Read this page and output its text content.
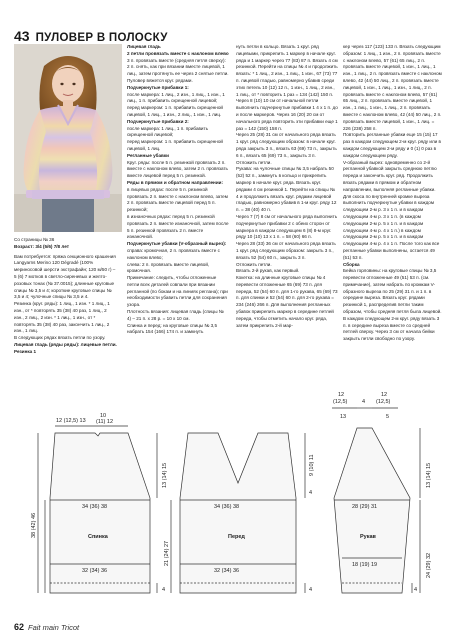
43 ПУЛОВЕР В ПОЛОСКУ

Со страницы № 36

Возраст: 3/4 (5/6) 7/8 лет

Вам потребуется: пряжа секционного крашения Langyarns Merino 120 Dégradé (100% мериносовой шерсти экстрафайн; 120 м/50 г) – 5 (6) 7 мотков в светло-сиреневых и желто-розовых тонах (№ 37.0015); длинные круговые спицы № 3,5 и 4; короткие круговые спицы № 3,5 и 4; чулочные спицы № 3,5 и 4.

Резинка (круг. ряды): 1 лиц., 1 изн. * 1 лиц., 1 изн., от * повторять 35 (38) 40 раз, 1 лиц., 2 изн., 2 лиц., 2 изн. * 1 лиц., 1 изн., от * повторять 35 (38) 40 раз, закончить 1 лиц., 2 изн., 1 лиц.

В следующих рядах вязать петли по узору.

Лицевая гладь (ряды ряды): лицевые петли.

Резинка 1

Лицевая гладь

2 петли провязать вместе с наклоном влево

3 п. провязать вместе (средняя петля сверху): 2 п. снять, как при вязании вместе лицевой, 1 лиц., затем протянуть ее через 2 снятые петли.

Пуловер вяжется круг. рядами.

Подчеркнутые прибавки 1:

после маркера: 1 лиц., 2 изн., 1 лиц., 1 изн., 1 лиц., 1 п. прибавить скрещенной лицевой;

перед маркером: 1 п. прибавить скрещенной лицевой, 1 лиц., 1 изн., 2 лиц., 1 изн., 1 лиц.

Подчеркнутые прибавки 2:

после маркера: 1 лиц., 1 п. прибавить скрещенной лицевой;

перед маркером: 1 п. прибавить скрещенной лицевой, 1 лиц.

Регланные убавки

Круг. ряды: после 5 п. резинкой провязать 2 п. вместе с наклоном влево, затем 2 п. провязать вместе лицевой перед 5 п. резинкой.

Ряды в прямом и обратном направлении:

в лицевых рядах: после 5 п. резинкой провязать 2 п. вместе с наклоном влево, затем 2 п. провязать вместе лицевой перед 5 п. резинкой;

в изнаночных рядах: перед 5 п. резинкой провязать 2 п. вместе изнаночной, затем после 5 п. резинкой провязать 2 п. вместе изнаночной.

Подчеркнутые убавки (V-образный вырез):

справа: кромочная, 2 п. провязать вместе с наклоном влево;

слева: 2 п. провязать вместе лицевой, кромочная.

Примечание: следить, чтобы отложенные петли всех деталей совпали при вязании регланной (по бокам и на линиях реглана); при необходимости убавить петли для сохранения узора.

Плотность вязания: лицевая гладь (спицы № 4) – 21 п. х 28 р. = 10 х 10 см.

Спинка и перед: на круговые спицы № 3,5 набрать 154 (166) 174 п. и замкнуть

нуть петли в кольцо. Вязать 1 круг. ряд лицевыми, прикрепить 1 маркер в начале круг. ряда и 1 маркер через 77 (83) 87 п. Вязать 4 см резинкой. Перейти на спицы № 4 и продолжить вязать: * 1 лиц., 2 изн., 1 лиц., 1 изн., 67 (73) 77 п. лицевой гладью, равномерно убавив среди этих петель 10 (12) 12 п., 1 изн., 1 лиц., 2 изн., 1 лиц., от * повторить 1 раз = 134 (142) 150 п.

Через 8 (10) 10 см от начальной петли выполнить подчеркнутые прибавки 1 4 х 1 п. до и после маркеров. Через 16 (20) 20 см от начального ряда повторить эти прибавки еще 1 раз = 142 (150) 158 п.

Через 25 (28) 31 см от начального ряда вязать 1 круг. ряд следующим образом: в начале круг. ряда закрыть 3 п., вязать 63 (69) 73 п., закрыть 6 п., вязать 65 (69) 73 п., закрыть 3 п.

Отложить петли.

Рукава: на чулочные спицы № 3,5 набрать 50 (52) 52 п., замкнуть в кольцо и прикрепить маркер в начале круг. ряда. Вязать круг. рядами 4 см резинкой 1. Перейти на спицы № 4 и продолжить вязать круг. рядами лицевой гладью, равномерно убавив в 1-м круг. ряду 12 п. = 38 (40) 40 п.

Через 7 (7) 8 см от начального ряда выполнить подчеркнутые прибавки 2 с обеих сторон от маркера в каждом следующем 6 (8) 8-м круг. ряду 10 (10) 13 х 1 п. = 58 (60) 66 п.

Через 28 (33) 36 см от начального ряда вязать 1 круг. ряд следующим образом: закрыть 3 п., вязать 52 (54) 60 п., закрыть 3 п.

Отложить петли.

Вязать 2-й рукав, как первый.

Кокетка: на длинные круговые спицы № 4 перевести отложенные 65 (69) 73 п. для переда, 52 (54) 60 п. для 1-го рукава, 65 (69) 73 п. для спинки и 52 (54) 60 п. для 2-го рукава = 234 (246) 266 п. Для выполнения регланных убавок прикрепить маркер в середине петлей переда, чтобы отметить начало круг. ряда, затем прикрепить 2-й мар-

кер через 117 (123) 133 п. Вязать следующим образом: 1 лиц., 1 изн., 2 п. провязать вместе с наклоном влево, 57 (61) 65 лиц., 2 п. провязать вместе лицевой, 1 изн., 1 лиц., 1 изн., 1 лиц., 2 п. провязать вместе с наклоном влево, 42 (44) 50 лиц., 2 п. провязать вместе лицевой, 1 изн., 1 лиц., 1 изн., 1 лиц., 2 п. провязать вместе с наклоном влево, 57 (61) 65 лиц., 2 п. провязать вместе лицевой, 1 изн., 1 лиц., 1 изн., 1 лиц., 2 п. провязать вместе с наклоном влево, 42 (44) 50 лиц., 2 п. провязать вместе лицевой, 1 изн., 1 лиц. = 226 (238) 258 п.

Повторить регланные убавки еще 15 (15) 17 раз в каждом следующем 2-м круг. ряду или в каждом следующем 2-м ряду и 0 (1) 0 раз в каждом следующем ряду.

V-образный вырез: одновременно со 2-й регланной убавкой закрыть среднюю петлю переда и закончить круг. ряд. Продолжить вязать рядами в прямом и обратном направлении, выполняя регланные убавки.

Для скоса по внутренней кромке выреза выполнить подчеркнутые убавки в каждом следующем 2-м р. 3 х 1 п. и в каждом следующем 4-м р. 3 х 1 п. (в каждом следующем 2-м р. 5 х 1 п. и в каждом следующем 4-м р. 4 х 1 п.) в каждом следующем 2-м р. 5 х 1 п. и в каждом следующем 4-м р. 4 х 1 п. После того как все регланные убавки выполнены, остается 49 (51) 53 п.

Сборка

Бейка горловины: на круговые спицы № 3,5 перевести отложенные 49 (51) 53 п. (см. примечание), затем набрать по кромкам V-образного выреза по 25 (29) 31 п. и 1 п. в середине выреза. Вязать круг. рядами резинкой 1, распределив петли таким образом, чтобы средняя петля была лицевой. В каждом следующем 2-м круг. ряду вязать 3 п. в середине выреза вместе со средней петлей сверху. Через 3 см от начала бейки закрыть петли свободно по узору.

12 (12,5) 13
10
(11) 12
34 (36) 38
Спинка
32 (34) 36
38 (42) 46
13 (14) 15
4
34 (36) 38
Перед
32 (34) 36
21 (24) 27
9 (10) 11
4
4
12
(12,5)	4
12
(12,5)
13	5
28 (29) 31
Рукав
18 (19) 19
13 (14) 15
24 (29) 32
4
62 Fait main Tricot
